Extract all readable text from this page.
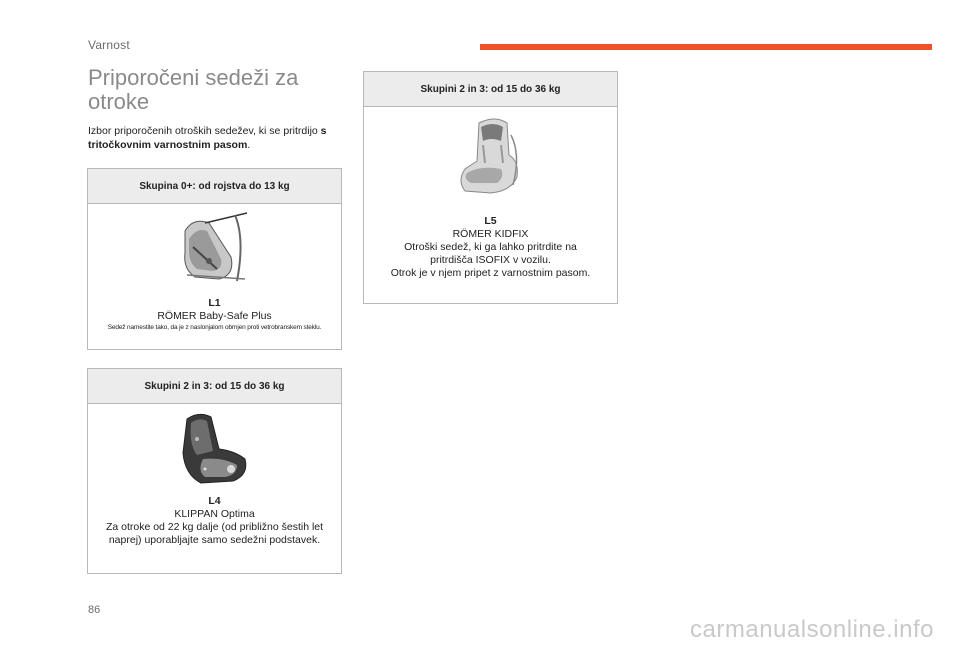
Varnost
Priporočeni sedeži za otroke
Izbor priporočenih otroških sedežev, ki se pritrdijo s tritočkovnim varnostnim pasom.
Skupina 0+: od rojstva do 13 kg
L1
RÖMER Baby-Safe Plus
Sedež namestite tako, da je z naslonjalom obrnjen proti vetrobranskem steklu.
Skupini 2 in 3: od 15 do 36 kg
L4
KLIPPAN Optima
Za otroke od 22 kg dalje (od približno šestih let naprej) uporabljajte samo sedežni podstavek.
Skupini 2 in 3: od 15 do 36 kg
L5
RÖMER KIDFIX
Otroški sedež, ki ga lahko pritrdite na pritrdišča ISOFIX v vozilu.
Otrok je v njem pripet z varnostnim pasom.
86
carmanualsonline.info
